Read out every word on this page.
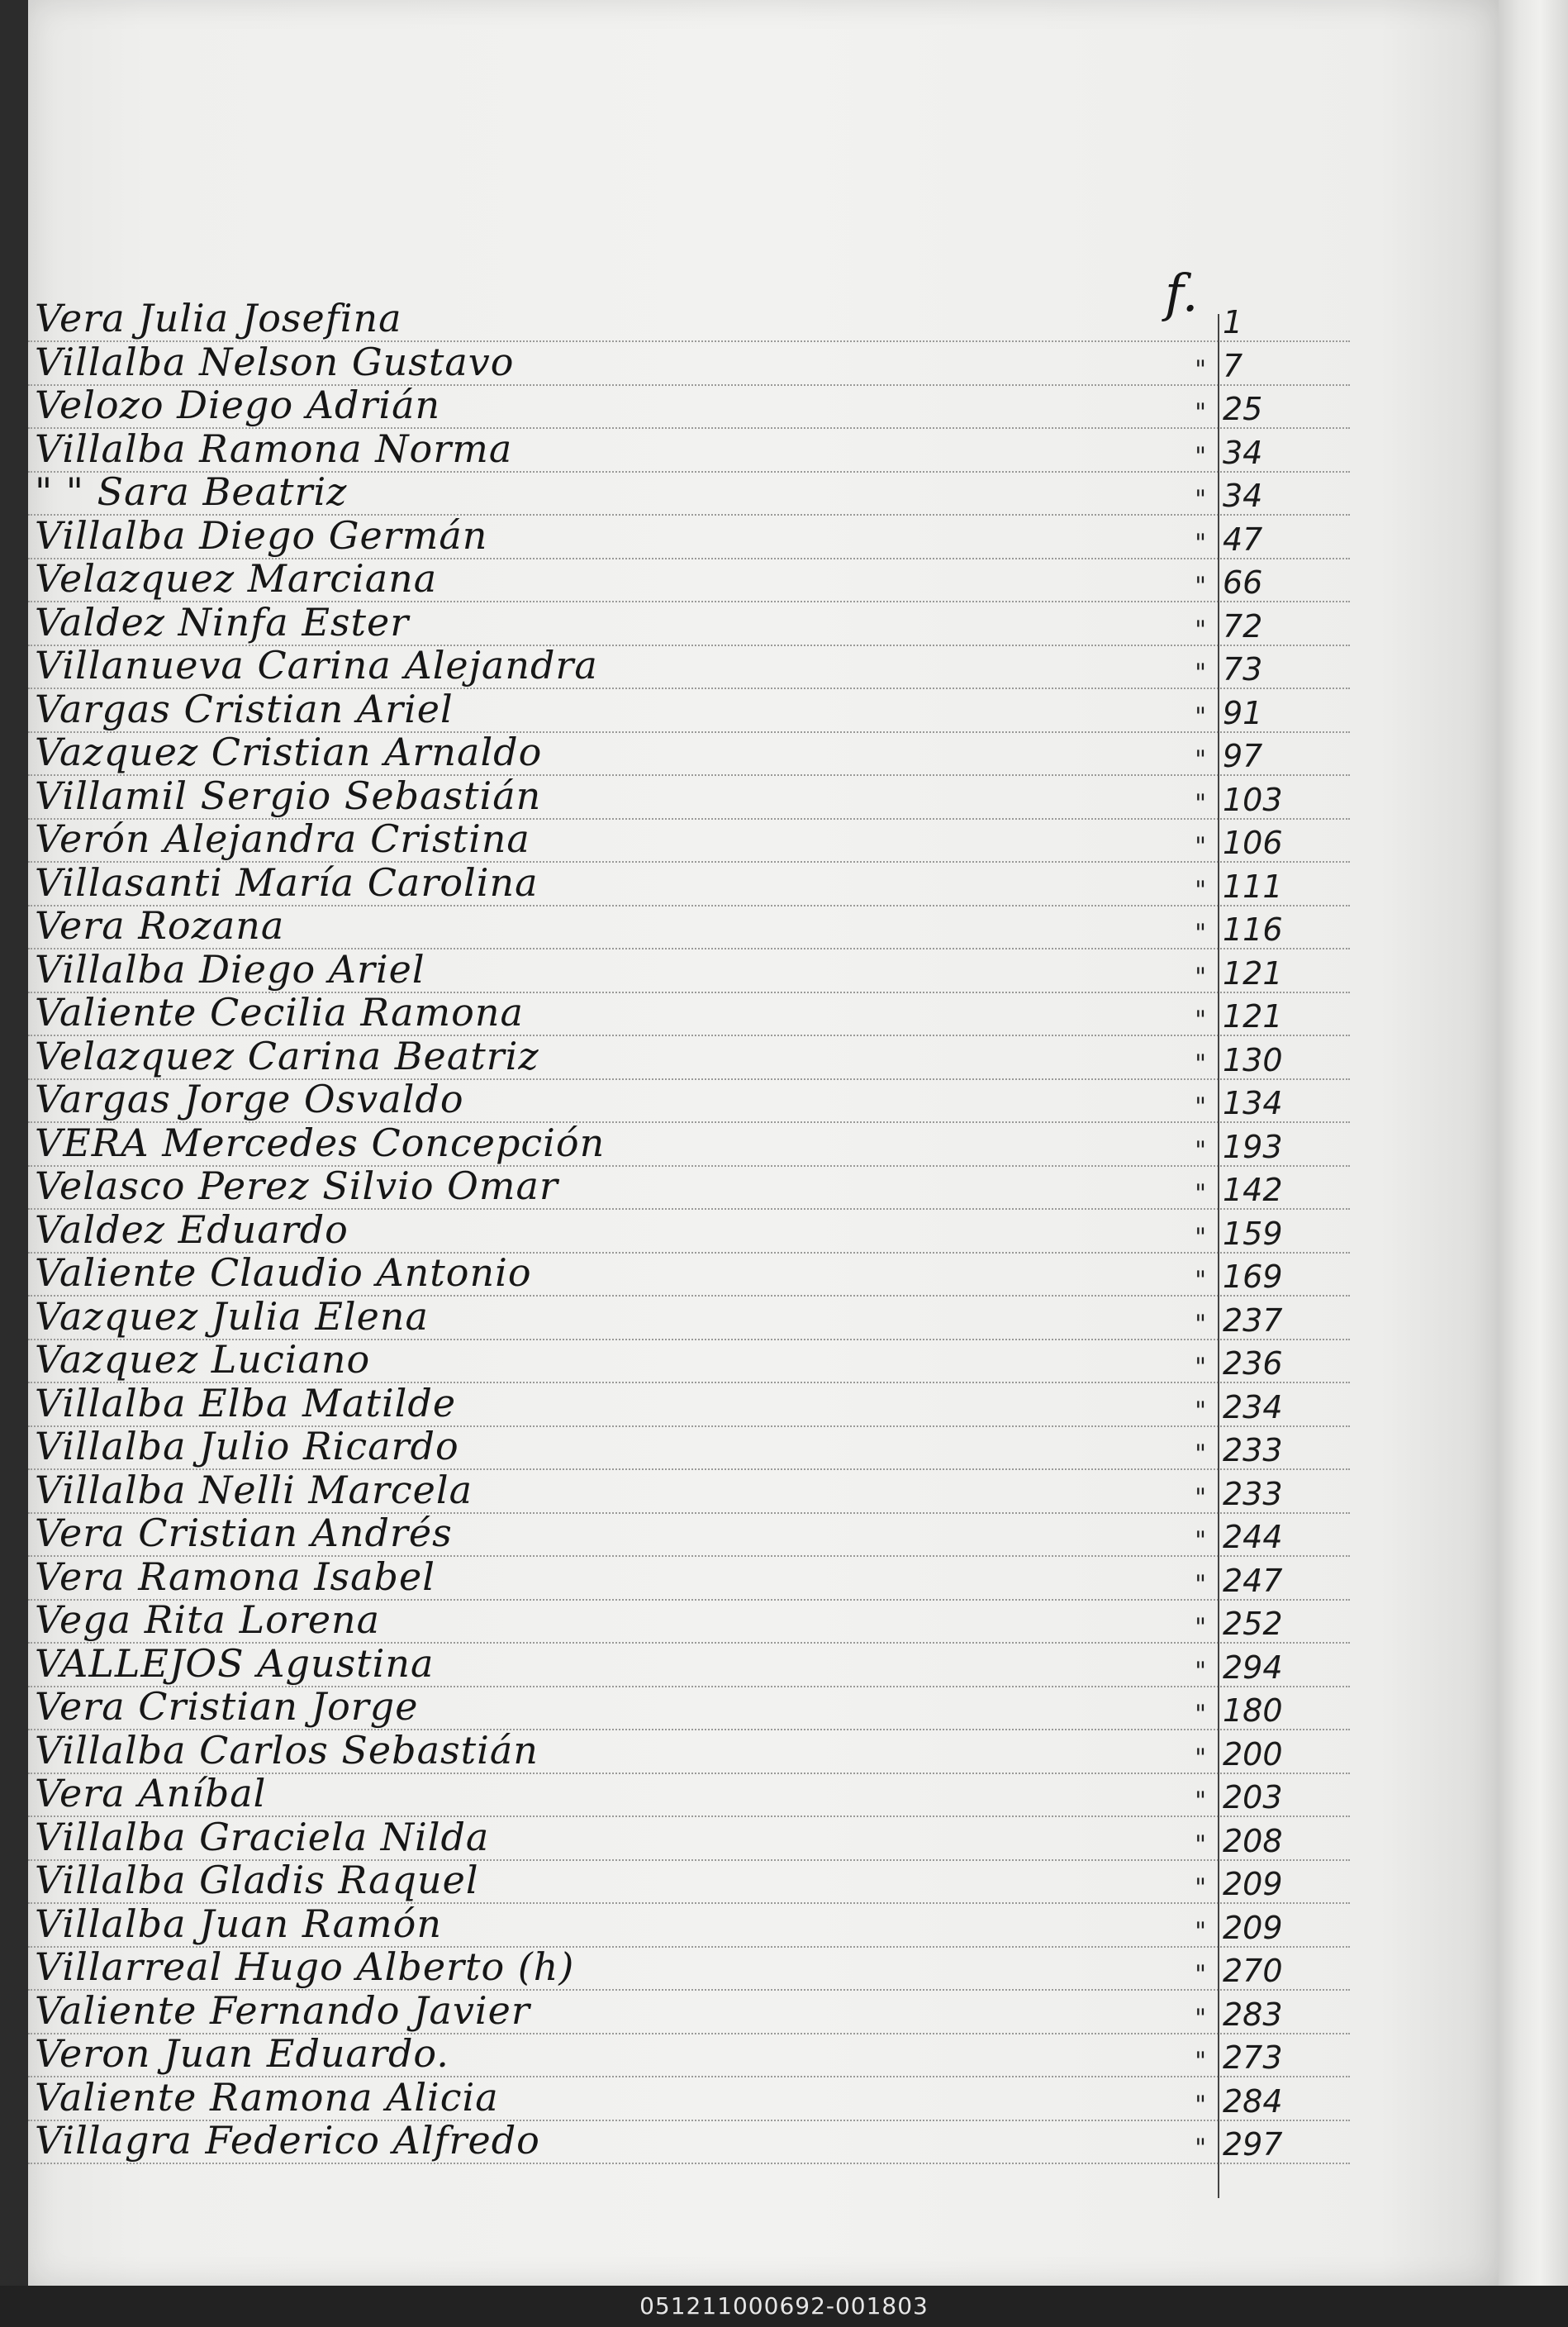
f.
Vera Julia Josefina	1
Villalba Nelson Gustavo	" 7
Velozo Diego Adrián	" 25
Villalba Ramona Norma	" 34
" " Sara Beatriz	" 34
Villalba Diego Germán	" 47
Velazquez Marciana	" 66
Valdez Ninfa Ester	" 72
Villanueva Carina Alejandra	" 73
Vargas Cristian Ariel	" 91
Vazquez Cristian Arnaldo	" 97
Villamil Sergio Sebastián	" 103
Verón Alejandra Cristina	" 106
Villasanti María Carolina	" 111
Vera Rozana	" 116
Villalba Diego Ariel	" 121
Valiente Cecilia Ramona	" 121
Velazquez Carina Beatriz	" 130
Vargas Jorge Osvaldo	" 134
VERA Mercedes Concepción	" 193
Velasco Perez Silvio Omar	" 142
Valdez Eduardo	" 159
Valiente Claudio Antonio	" 169
Vazquez Julia Elena	" 237
Vazquez Luciano	" 236
Villalba Elba Matilde	" 234
Villalba Julio Ricardo	" 233
Villalba Nelli Marcela	" 233
Vera Cristian Andrés	" 244
Vera Ramona Isabel	" 247
Vega Rita Lorena	" 252
VALLEJOS Agustina	" 294
Vera Cristian Jorge	" 180
Villalba Carlos Sebastián	" 200
Vera Aníbal	" 203
Villalba Graciela Nilda	" 208
Villalba Gladis Raquel	" 209
Villalba Juan Ramón	" 209
Villarreal Hugo Alberto (h)	" 270
Valiente Fernando Javier	" 283
Veron Juan Eduardo.	" 273
Valiente Ramona Alicia	" 284
Villagra Federico Alfredo	" 297
051211000692-001803
